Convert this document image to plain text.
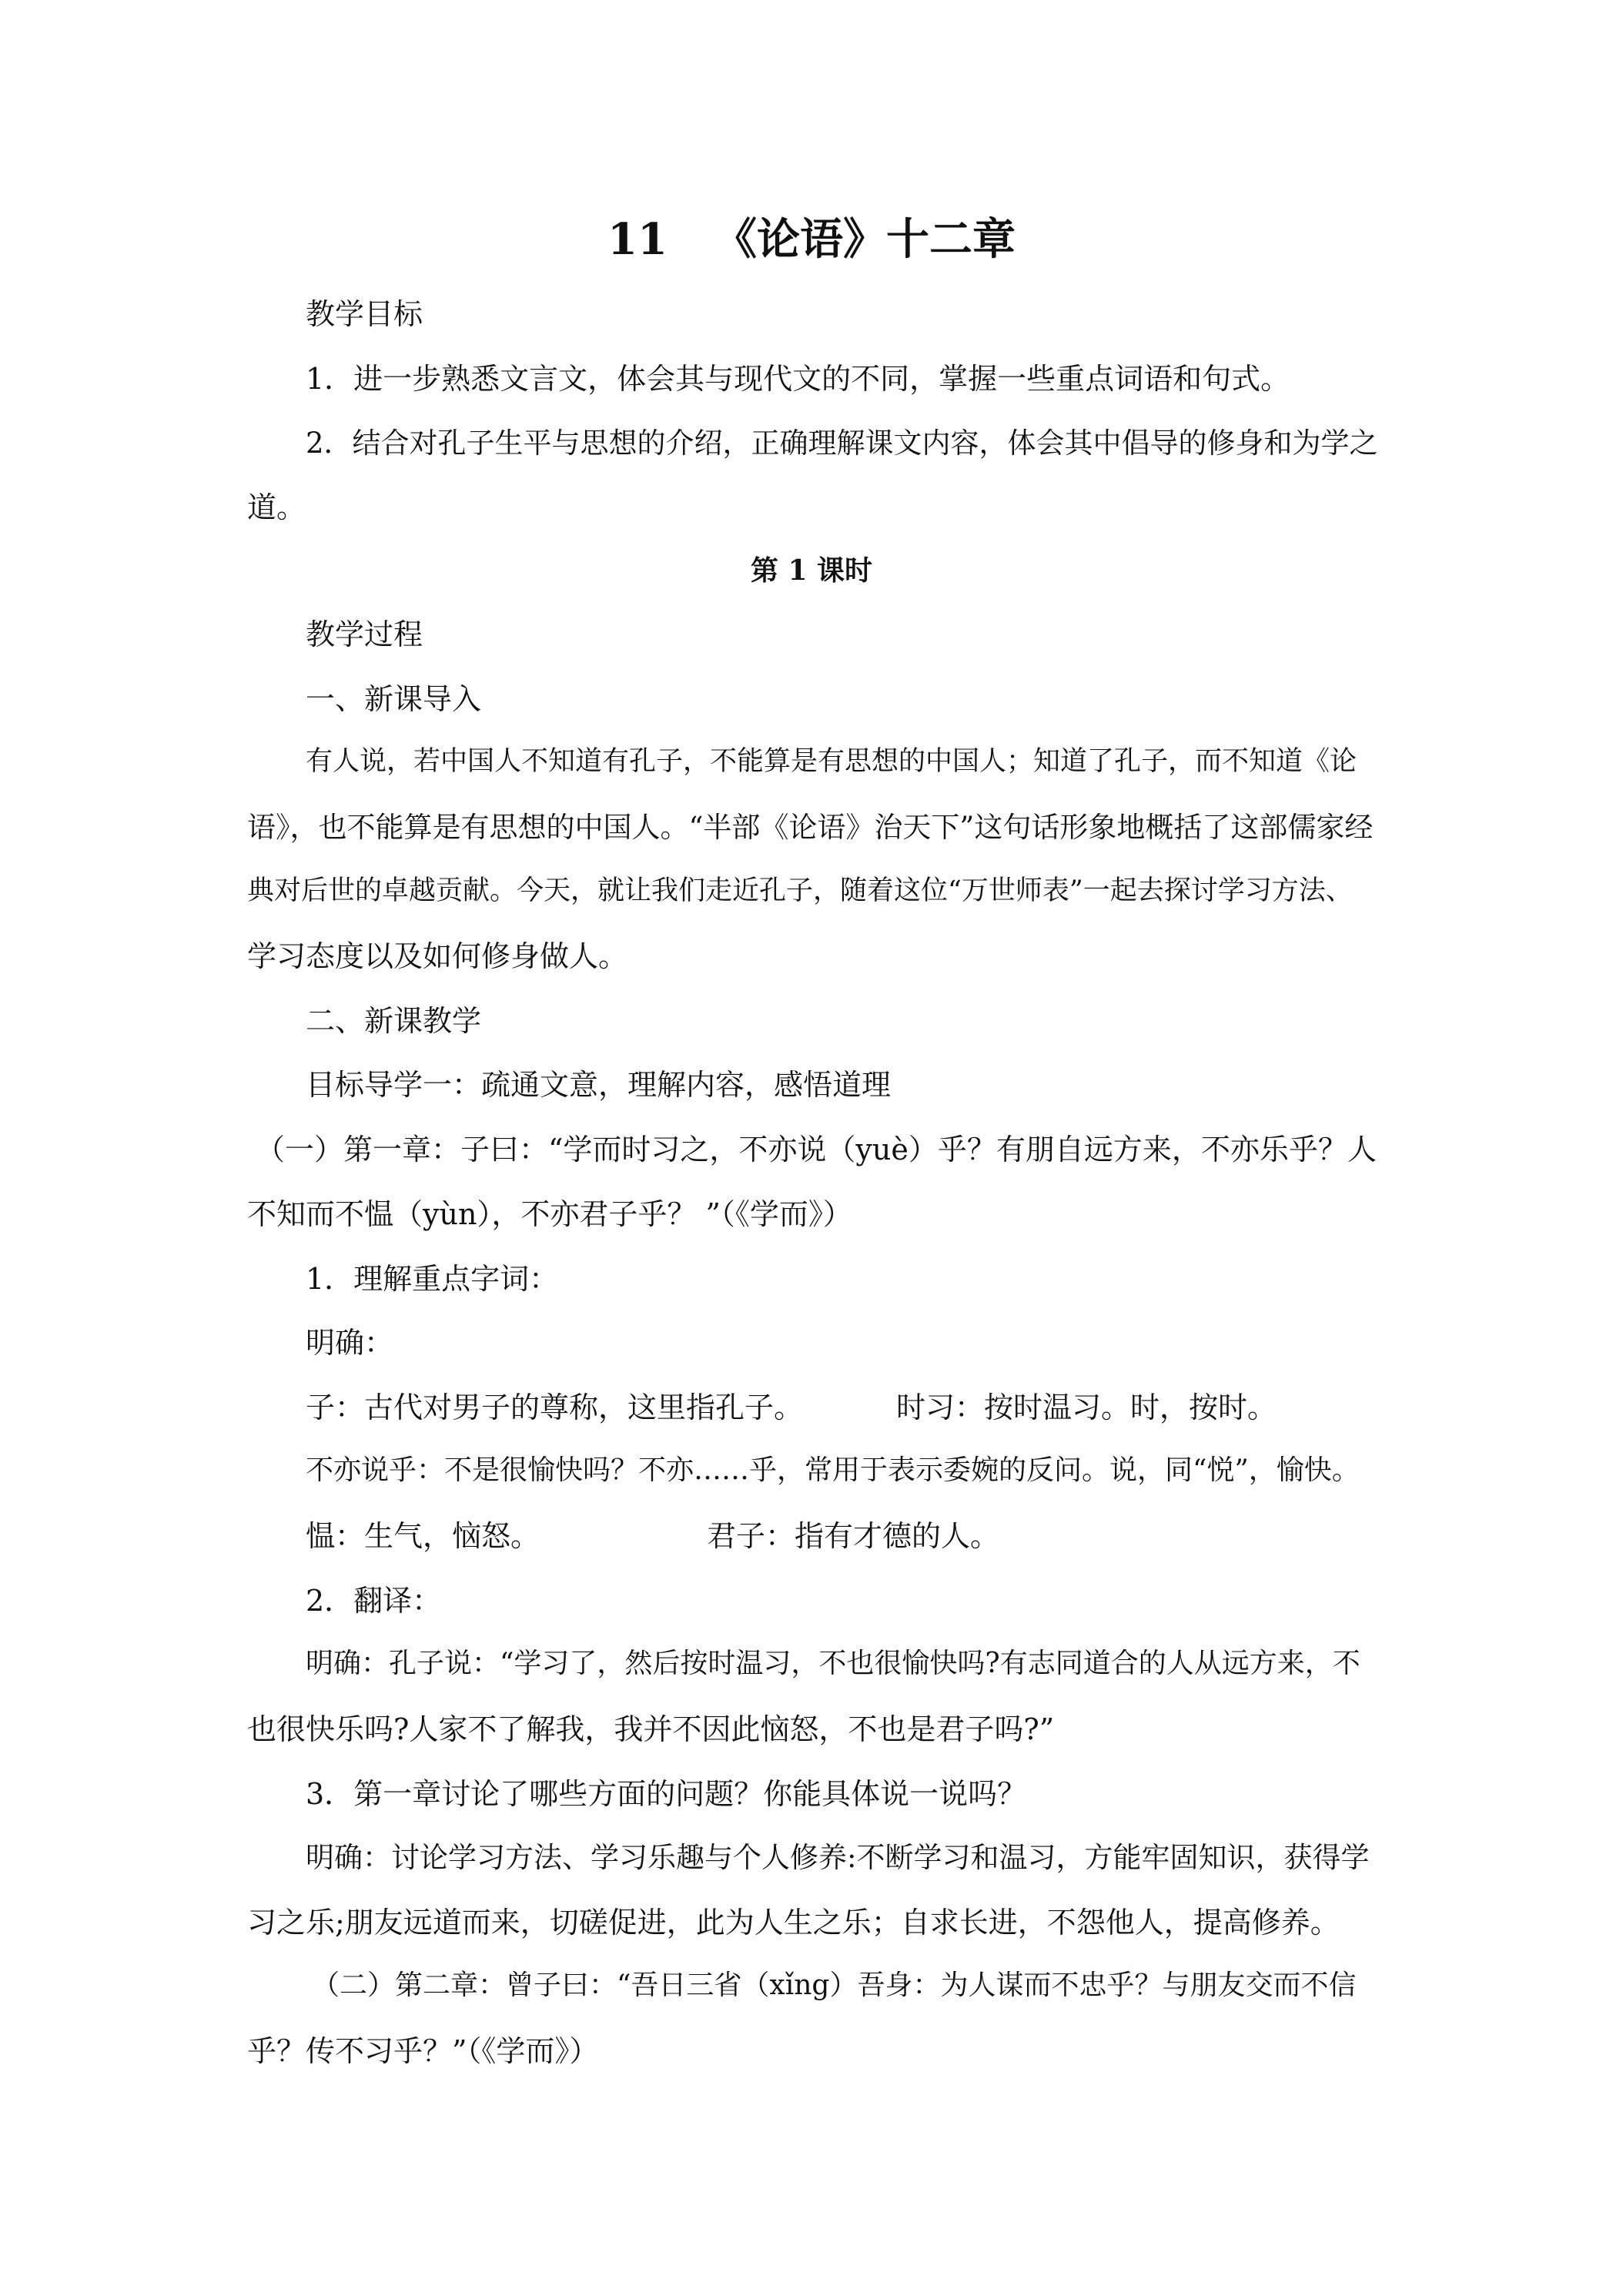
11 《论语》十二章
教学目标
1．进一步熟悉文言文，体会其与现代文的不同，掌握一些重点词语和句式。
2．结合对孔子生平与思想的介绍，正确理解课文内容，体会其中倡导的修身和为学之
道。
第 1 课时
教学过程
一、新课导入
有人说，若中国人不知道有孔子，不能算是有思想的中国人；知道了孔子，而不知道《论
语》，也不能算是有思想的中国人。“半部《论语》治天下”这句话形象地概括了这部儒家经
典对后世的卓越贡献。今天，就让我们走近孔子，随着这位“万世师表”一起去探讨学习方法、
学习态度以及如何修身做人。
二、新课教学
目标导学一：疏通文意，理解内容，感悟道理
（一）第一章：子曰：“学而时习之，不亦说（yuè）乎？有朋自远方来，不亦乐乎？人
不知而不愠（yùn），不亦君子乎？ ”（《学而》）
1．理解重点字词：
明确：
子：古代对男子的尊称，这里指孔子。	时习：按时温习。时，按时。
不亦说乎：不是很愉快吗？不亦……乎，常用于表示委婉的反问。说，同“悦”，愉快。
愠：生气，恼怒。	君子：指有才德的人。
2．翻译：
明确：孔子说：“学习了，然后按时温习，不也很愉快吗?有志同道合的人从远方来，不
也很快乐吗?人家不了解我，我并不因此恼怒，不也是君子吗?”
3．第一章讨论了哪些方面的问题？你能具体说一说吗？
明确：讨论学习方法、学习乐趣与个人修养:不断学习和温习，方能牢固知识，获得学
习之乐;朋友远道而来，切磋促进，此为人生之乐；自求长进，不怨他人，提高修养。
（二）第二章：曾子曰：“吾日三省（xǐng）吾身：为人谋而不忠乎？与朋友交而不信
乎？传不习乎？”（《学而》）
